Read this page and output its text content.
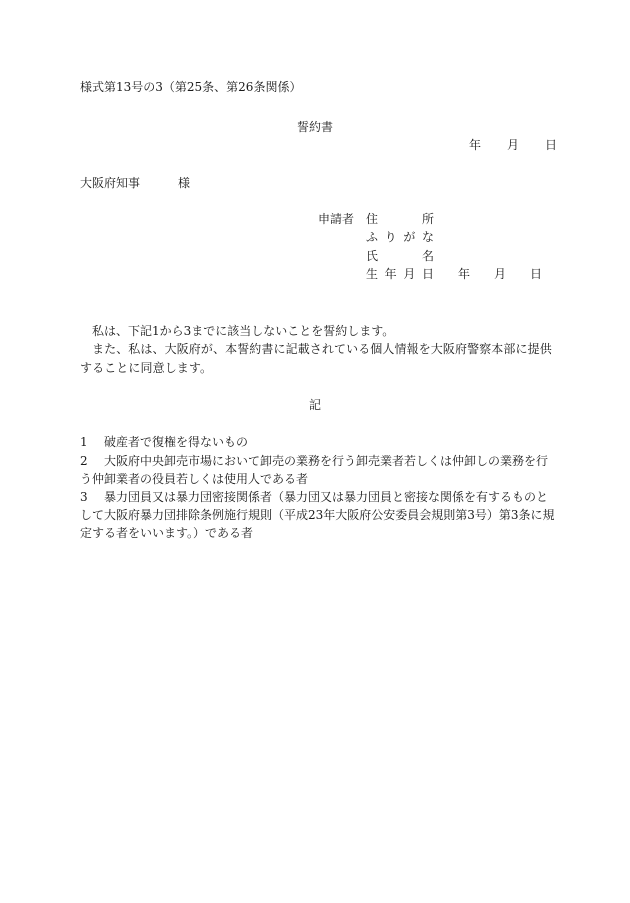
様式第13号の3（第25条、第26条関係）
誓約書
年 月 日
大阪府知事	様
申請者 住	所
ふ り が な
氏	名
生 年 月 日 年 月 日
私は、下記1から3までに該当しないことを誓約します。
また、私は、大阪府が、本誓約書に記載されている個人情報を大阪府警察本部に提供することに同意します。
記
1 破産者で復権を得ないもの
2 大阪府中央卸売市場において卸売の業務を行う卸売業者若しくは仲卸しの業務を行う仲卸業者の役員若しくは使用人である者
3 暴力団員又は暴力団密接関係者（暴力団又は暴力団員と密接な関係を有するものとして大阪府暴力団排除条例施行規則（平成23年大阪府公安委員会規則第3号）第3条に規定する者をいいます。）である者
